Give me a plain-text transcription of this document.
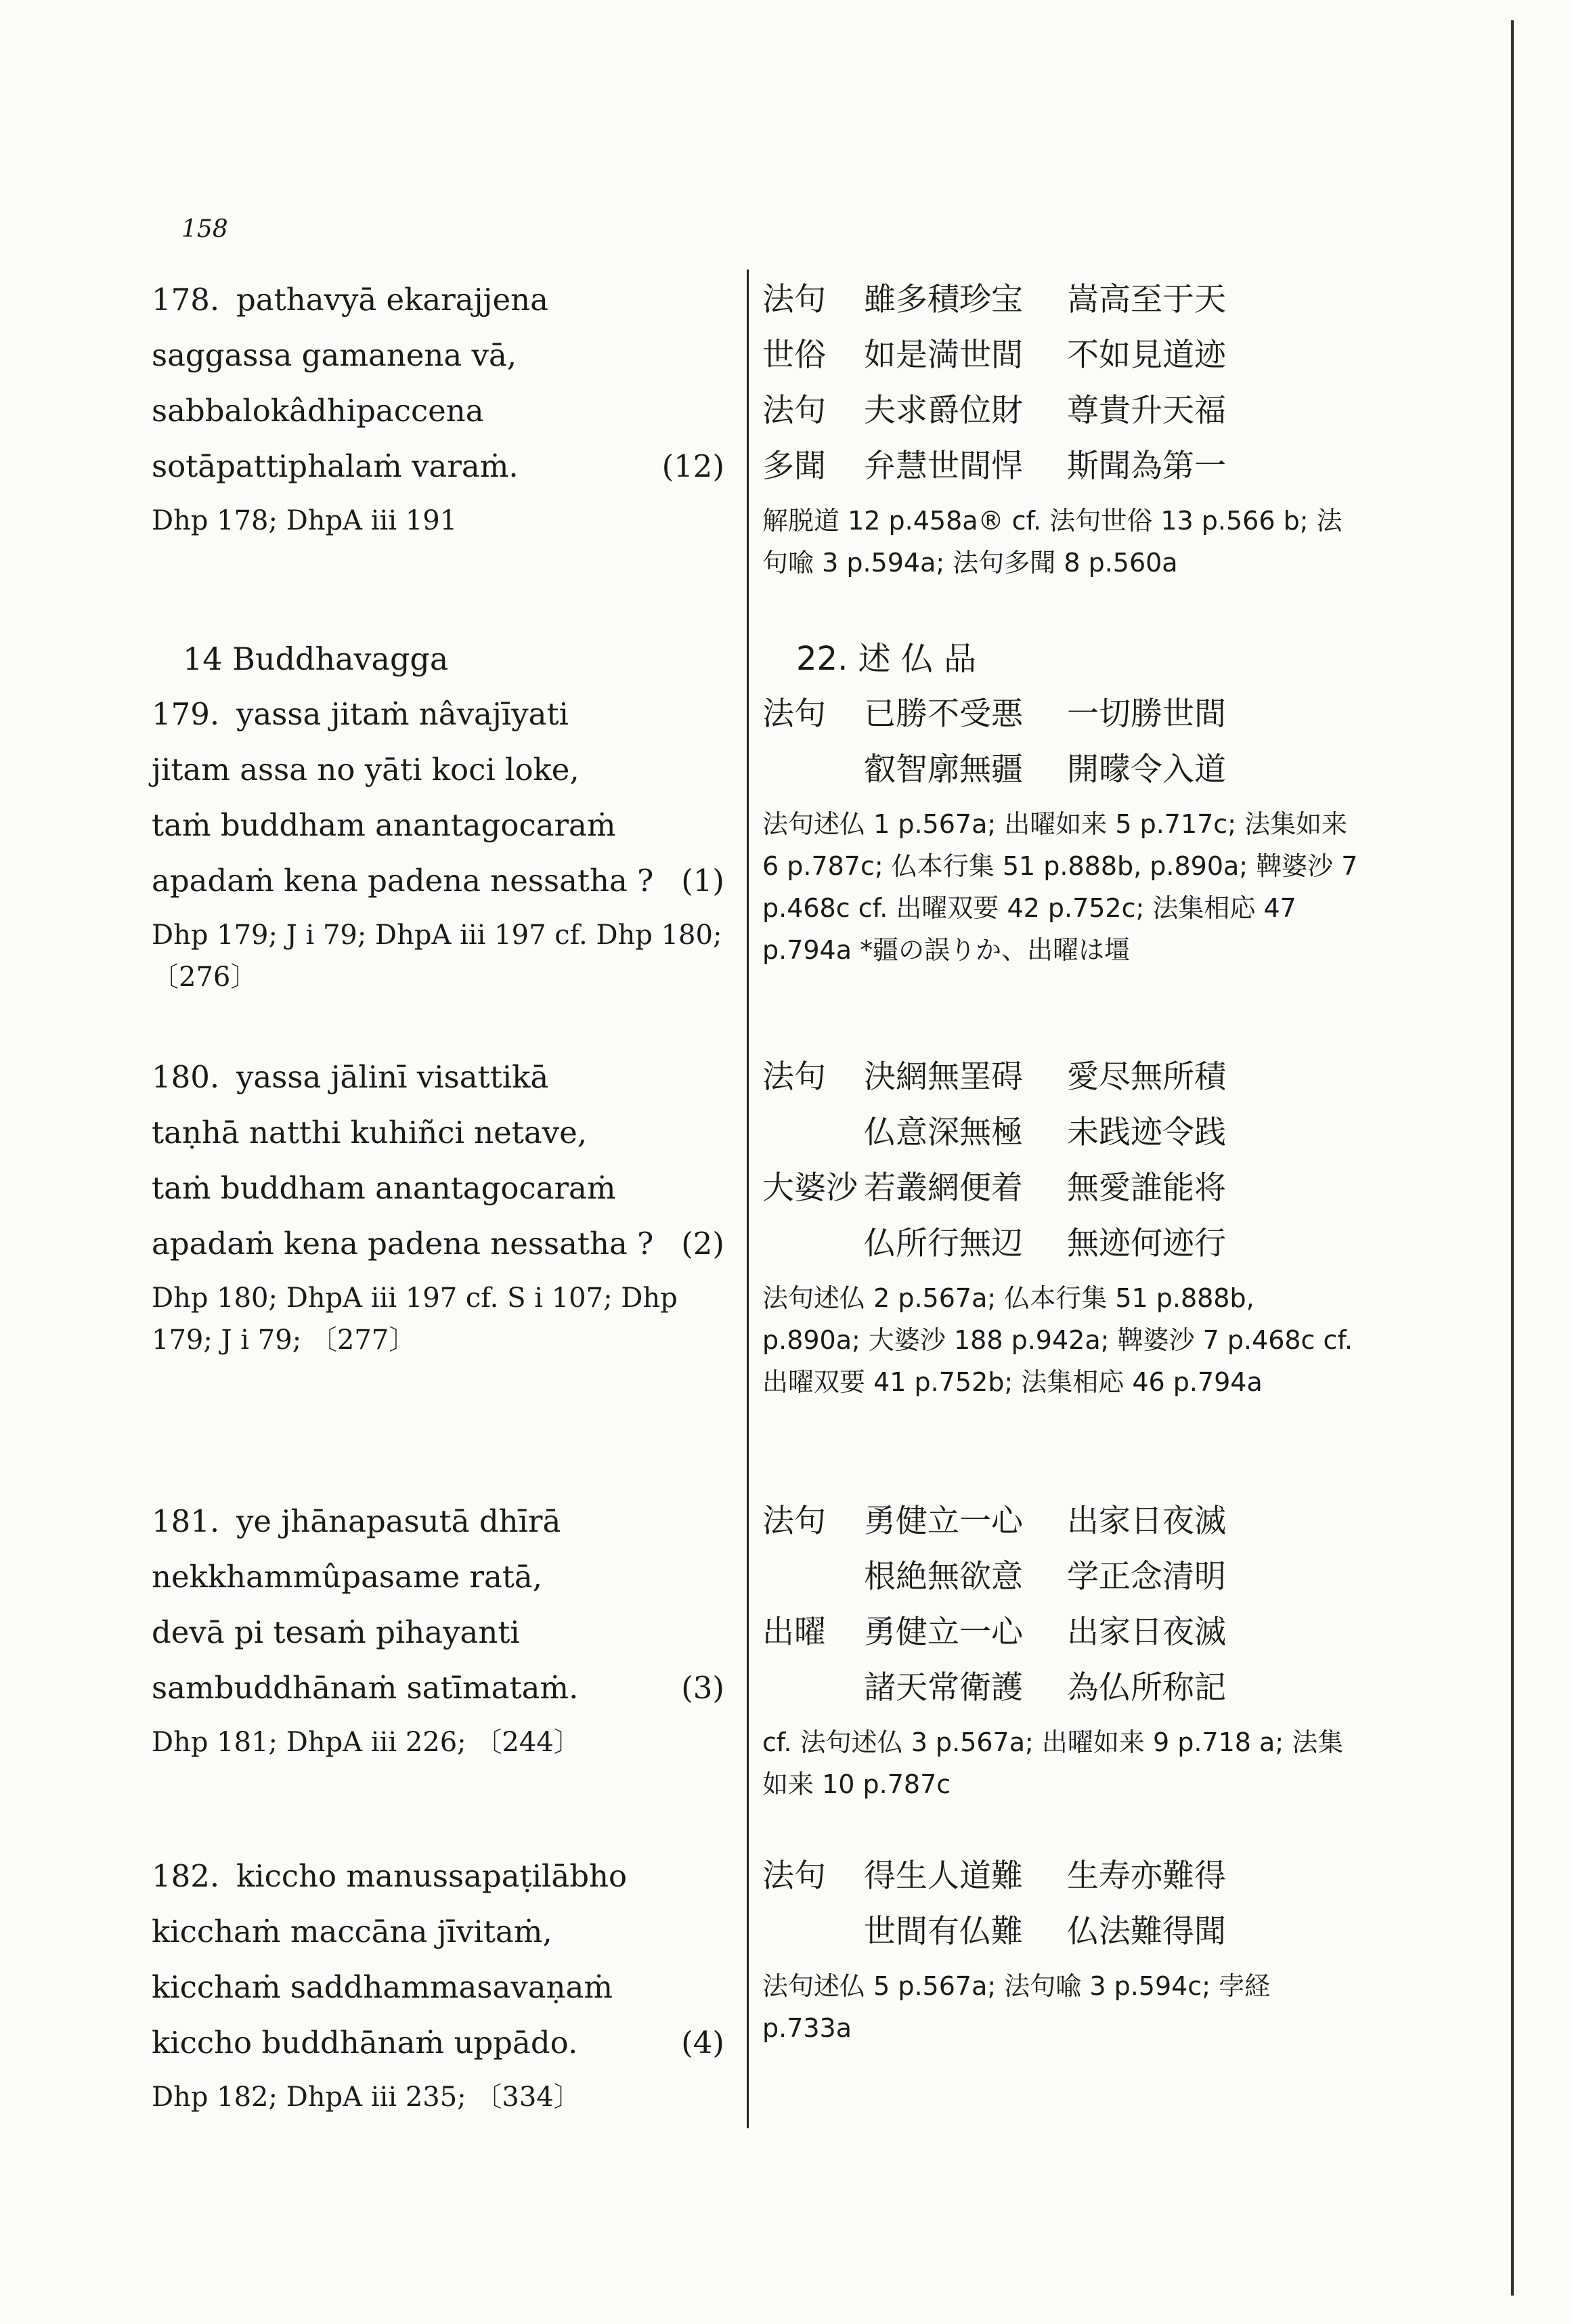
158
178. pathavyā ekarajjena
saggassa gamanena vā,
sabbalokâdhipaccena
sotāpattiphalaṁ varaṁ.	(12)
Dhp 178; DhpA iii 191
14 Buddhavagga
179. yassa jitaṁ nâvajīyati
jitam assa no yāti koci loke,
taṁ buddham anantagocaraṁ
apadaṁ kena padena nessatha ? (1)
Dhp 179; J i 79; DhpA iii 197 cf. Dhp 180; 〔276〕
180. yassa jālinī visattikā
taṇhā natthi kuhiñci netave,
taṁ buddham anantagocaraṁ
apadaṁ kena padena nessatha ? (2)
Dhp 180; DhpA iii 197 cf. S i 107; Dhp 179; J i 79; 〔277〕
181. ye jhānapasutā dhīrā
nekkhammûpasame ratā,
devā pi tesaṁ pihayanti
sambuddhānaṁ satīmataṁ.	(3)
Dhp 181; DhpA iii 226; 〔244〕
182. kiccho manussapaṭilābho
kicchaṁ maccāna jīvitaṁ,
kicchaṁ saddhammasavaṇaṁ
kiccho buddhānaṁ uppādo.	(4)
Dhp 182; DhpA iii 235; 〔334〕
法句 雖多積珍宝 嵩高至于天
世俗 如是満世間 不如見道迹
法句 夫求爵位財 尊貴升天福
多聞 弁慧世間悍 斯聞為第一
解脱道 12 p.458a® cf. 法句世俗 13 p.566 b; 法句喩 3 p.594a; 法句多聞 8 p.560a
22. 述 仏 品
法句 已勝不受悪 一切勝世間
叡智廓無疆 開曚令入道
法句述仏 1 p.567a; 出曜如来 5 p.717c; 法集如来 6 p.787c; 仏本行集 51 p.888b, p.890a; 鞞婆沙 7 p.468c cf. 出曜双要 42 p.752c; 法集相応 47 p.794a *疆の誤りか、出曜は壃
法句 決網無罣碍 愛尽無所積
仏意深無極 未践迹令践
大婆沙 若叢網便着 無愛誰能将
仏所行無辺 無迹何迹行
法句述仏 2 p.567a; 仏本行集 51 p.888b, p.890a; 大婆沙 188 p.942a; 鞞婆沙 7 p.468c cf. 出曜双要 41 p.752b; 法集相応 46 p.794a
法句 勇健立一心 出家日夜滅
根絶無欲意 学正念清明
出曜 勇健立一心 出家日夜滅
諸天常衛護 為仏所称記
cf. 法句述仏 3 p.567a; 出曜如来 9 p.718 a; 法集如来 10 p.787c
法句 得生人道難 生寿亦難得
世間有仏難 仏法難得聞
法句述仏 5 p.567a; 法句喩 3 p.594c; 孛経 p.733a
